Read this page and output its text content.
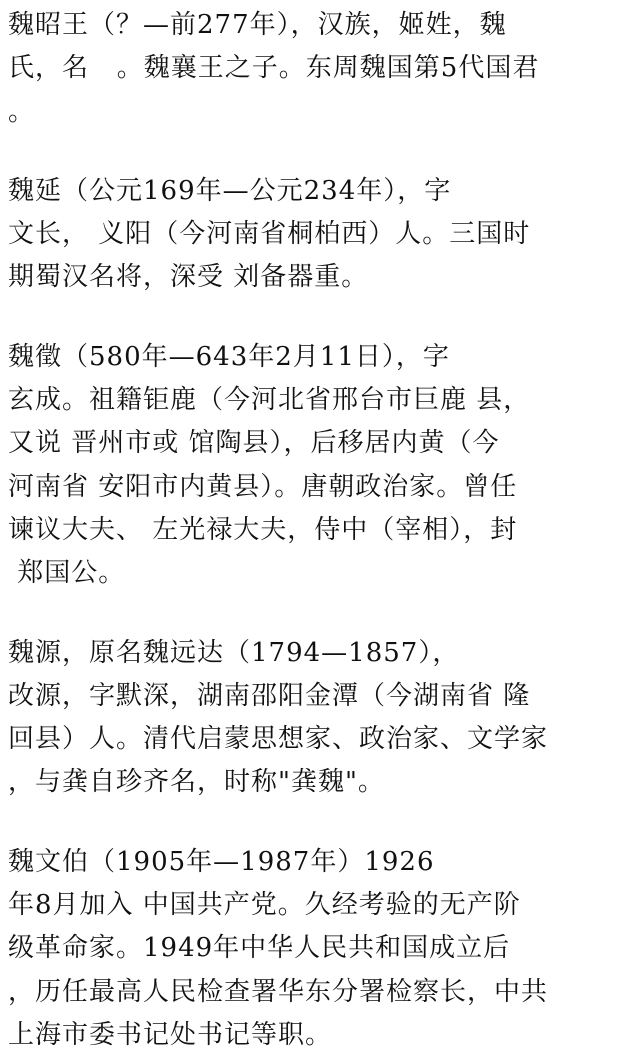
魏昭王（？—前277年），汉族，姬姓，魏
氏，名   。魏襄王之子。东周魏国第5代国君
。
魏延（公元169年—公元234年），字
文长， 义阳（今河南省桐柏西）人。三国时
期蜀汉名将，深受 刘备器重。
魏徵（580年—643年2月11日），字
玄成。祖籍钜鹿（今河北省邢台市巨鹿 县，
又说 晋州市或 馆陶县），后移居内黄（今
河南省 安阳市内黄县）。唐朝政治家。曾任
谏议大夫、 左光禄大夫，侍中（宰相），封
郑国公。
魏源，原名魏远达（1794—1857），
改源，字默深，湖南邵阳金潭（今湖南省 隆
回县）人。清代启蒙思想家、政治家、文学家
，与龚自珍齐名，时称"龚魏"。
魏文伯（1905年—1987年）1926
年8月加入 中国共产党。久经考验的无产阶
级革命家。1949年中华人民共和国成立后
，历任最高人民检查署华东分署检察长，中共
上海市委书记处书记等职。
